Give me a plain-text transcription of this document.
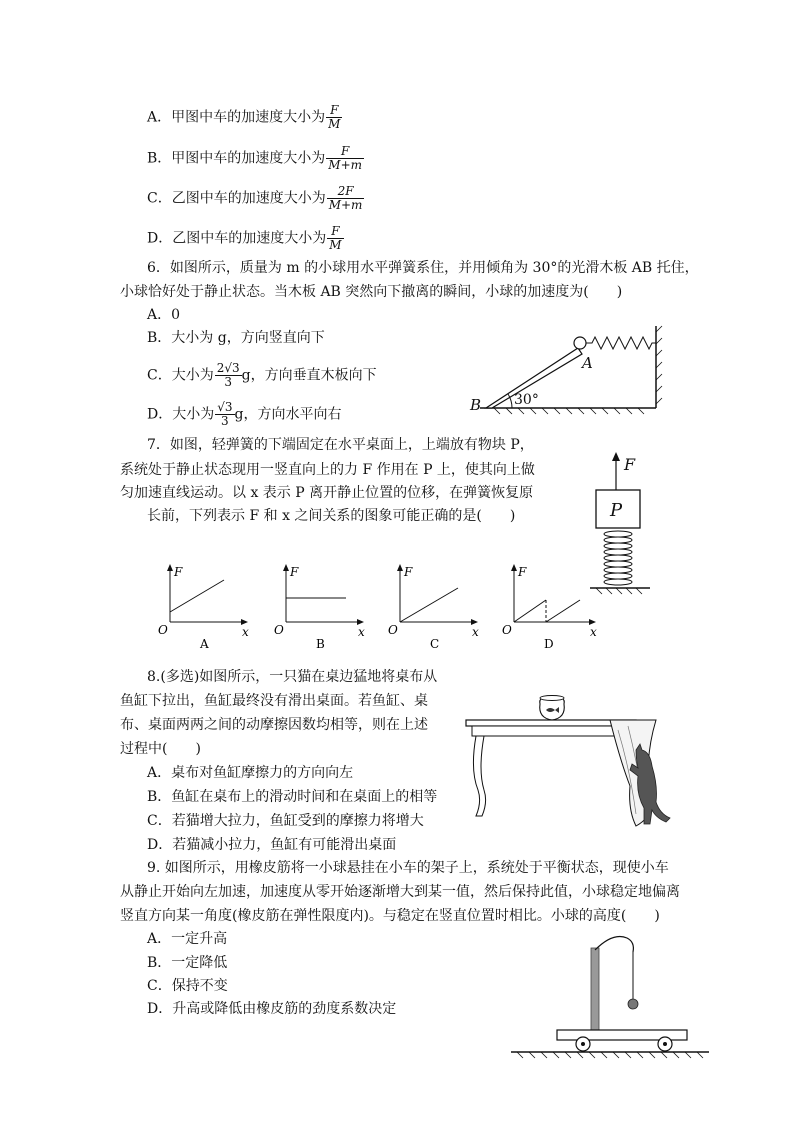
A．甲图中车的加速度大小为 $\frac{F}{M}$
B．甲图中车的加速度大小为 $\frac{F}{M+m}$
C．乙图中车的加速度大小为 $\frac{2F}{M+m}$
D．乙图中车的加速度大小为 $\frac{F}{M}$
6．如图所示，质量为 m 的小球用水平弹簧系住，并用倾角为 30°的光滑木板 AB 托住，
小球恰好处于静止状态。当木板 AB 突然向下撤离的瞬间，小球的加速度为(　　)
A．0
B．大小为 g，方向竖直向下
C．大小为 $\frac{2√3}{3}$ g，方向垂直木板向下
D．大小为 $\frac{√3}{3}$ g，方向水平向右
30°
B
A
7．如图，轻弹簧的下端固定在水平桌面上，上端放有物块 P，
系统处于静止状态现用一竖直向上的力 F 作用在 P 上，使其向上做
匀加速直线运动。以 x 表示 P 离开静止位置的位移，在弹簧恢复原
长前，下列表示 F 和 x 之间关系的图象可能正确的是(　　)
F
P
F
x
O
A
F
x
O
B
F
x
O
C
F
x
O
D
8.(多选)如图所示，一只猫在桌边猛地将桌布从
鱼缸下拉出，鱼缸最终没有滑出桌面。若鱼缸、桌
布、桌面两两之间的动摩擦因数均相等，则在上述
过程中(　　)
A．桌布对鱼缸摩擦力的方向向左
B．鱼缸在桌布上的滑动时间和在桌面上的相等
C．若猫增大拉力，鱼缸受到的摩擦力将增大
D．若猫减小拉力，鱼缸有可能滑出桌面
9. 如图所示，用橡皮筋将一小球悬挂在小车的架子上，系统处于平衡状态，现使小车
从静止开始向左加速，加速度从零开始逐渐增大到某一值，然后保持此值，小球稳定地偏离
竖直方向某一角度(橡皮筋在弹性限度内)。与稳定在竖直位置时相比。小球的高度(　　)
A．一定升高
B．一定降低
C．保持不变
D．升高或降低由橡皮筋的劲度系数决定
